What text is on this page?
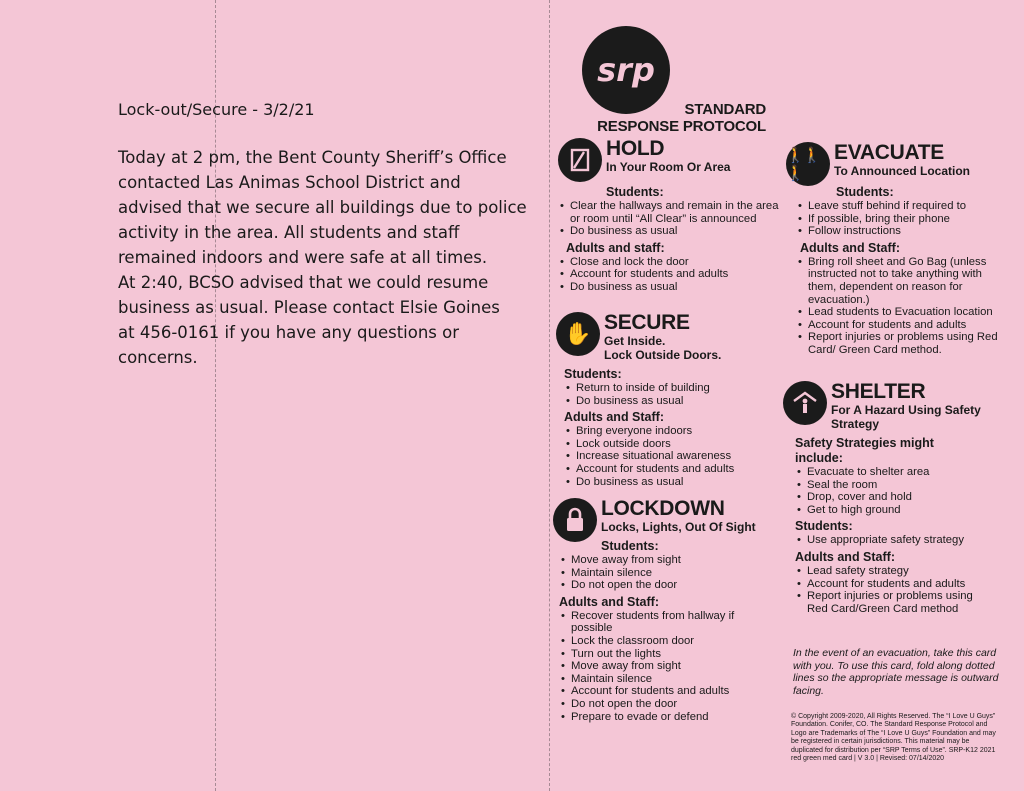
Lock-out/Secure - 3/2/21

Today at 2 pm, the Bent County Sheriff’s Office

contacted Las Animas School District and

advised that we secure all buildings due to police

activity in the area. All students and staff

remained indoors and were safe at all times.

At 2:40, BCSO advised that we could resume

business as usual. Please contact Elsie Goines

at 456-0161 if you have any questions or

concerns.

srp
STANDARD
RESPONSE PROTOCOL
HOLD
In Your Room Or Area
Students:
• Clear the hallways and remain in the area or room until “All Clear” is announced
• Do business as usual
Adults and staff:
• Close and lock the door
• Account for students and adults
• Do business as usual
✋ SECURE
Get Inside.
Lock Outside Doors.
Students:
• Return to inside of building
• Do business as usual
Adults and Staff:
• Bring everyone indoors
• Lock outside doors
• Increase situational awareness
• Account for students and adults
• Do business as usual
LOCKDOWN
Locks, Lights, Out Of Sight
Students:
• Move away from sight
• Maintain silence
• Do not open the door
Adults and Staff:
• Recover students from hallway if possible
• Lock the classroom door
• Turn out the lights
• Move away from sight
• Maintain silence
• Account for students and adults
• Do not open the door
• Prepare to evade or defend
🚶🚶🚶
EVACUATE
To Announced Location
Students:
• Leave stuff behind if required to
• If possible, bring their phone
• Follow instructions
Adults and Staff:
• Bring roll sheet and Go Bag (unless instructed not to take anything with them, dependent on reason for evacuation.)
• Lead students to Evacuation location
• Account for students and adults
• Report injuries or problems using Red Card/ Green Card method.
SHELTER
For A Hazard Using Safety Strategy
Safety Strategies might include:
• Evacuate to shelter area
• Seal the room
• Drop, cover and hold
• Get to high ground
Students:
• Use appropriate safety strategy
Adults and Staff:
• Lead safety strategy
• Account for students and adults
• Report injuries or problems using Red Card/Green Card method
In the event of an evacuation, take this card with you. To use this card, fold along dotted lines so the appropriate message is outward facing.
© Copyright 2009-2020, All Rights Reserved. The “I Love U Guys” Foundation. Conifer, CO. The Standard Response Protocol and Logo are Trademarks of The “I Love U Guys” Foundation and may be registered in certain jurisdictions. This material may be duplicated for distribution per “SRP Terms of Use”. SRP-K12 2021 red green med card | V 3.0 | Revised: 07/14/2020
